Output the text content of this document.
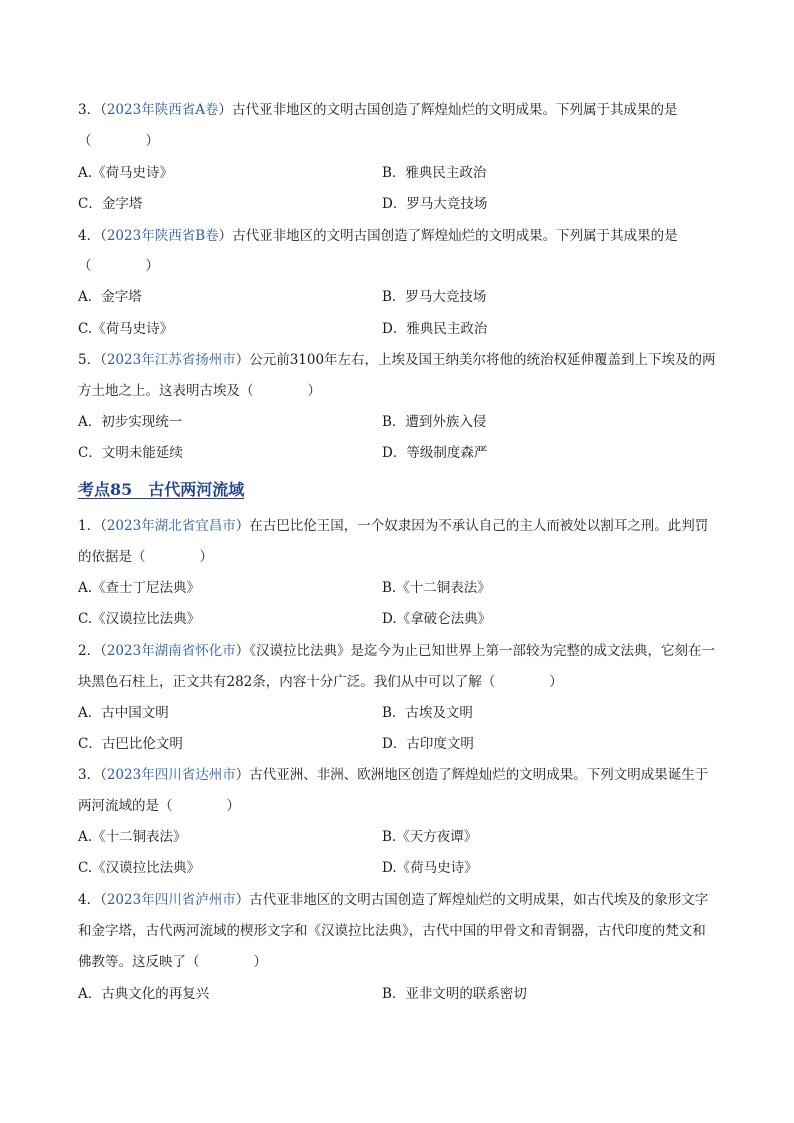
3．（2023年陕西省A卷）古代亚非地区的文明古国创造了辉煌灿烂的文明成果。下列属于其成果的是
（　　　　）
A.《荷马史诗》	B．雅典民主政治
C．金字塔	D．罗马大竞技场
4．（2023年陕西省B卷）古代亚非地区的文明古国创造了辉煌灿烂的文明成果。下列属于其成果的是
（　　　　）
A．金字塔	B．罗马大竞技场
C.《荷马史诗》	D．雅典民主政治
5．（2023年江苏省扬州市）公元前3100年左右，上埃及国王纳美尔将他的统治权延伸覆盖到上下埃及的两
方土地之上。这表明古埃及（　　　　）
A．初步实现统一	B．遭到外族入侵
C．文明未能延续	D．等级制度森严
考点85　古代两河流域
1．（2023年湖北省宜昌市）在古巴比伦王国，一个奴隶因为不承认自己的主人而被处以割耳之刑。此判罚
的依据是（　　　　）
A.《查士丁尼法典》	B.《十二铜表法》
C.《汉谟拉比法典》	D.《拿破仑法典》
2．（2023年湖南省怀化市）《汉谟拉比法典》是迄今为止已知世界上第一部较为完整的成文法典，它刻在一
块黑色石柱上，正文共有282条，内容十分广泛。我们从中可以了解（　　　　）
A．古中国文明	B．古埃及文明
C．古巴比伦文明	D．古印度文明
3．（2023年四川省达州市）古代亚洲、非洲、欧洲地区创造了辉煌灿烂的文明成果。下列文明成果诞生于
两河流域的是（　　　　）
A.《十二铜表法》	B.《天方夜谭》
C.《汉谟拉比法典》	D.《荷马史诗》
4．（2023年四川省泸州市）古代亚非地区的文明古国创造了辉煌灿烂的文明成果，如古代埃及的象形文字
和金字塔，古代两河流域的楔形文字和《汉谟拉比法典》，古代中国的甲骨文和青铜器，古代印度的梵文和
佛教等。这反映了（　　　　）
A．古典文化的再复兴	B．亚非文明的联系密切
